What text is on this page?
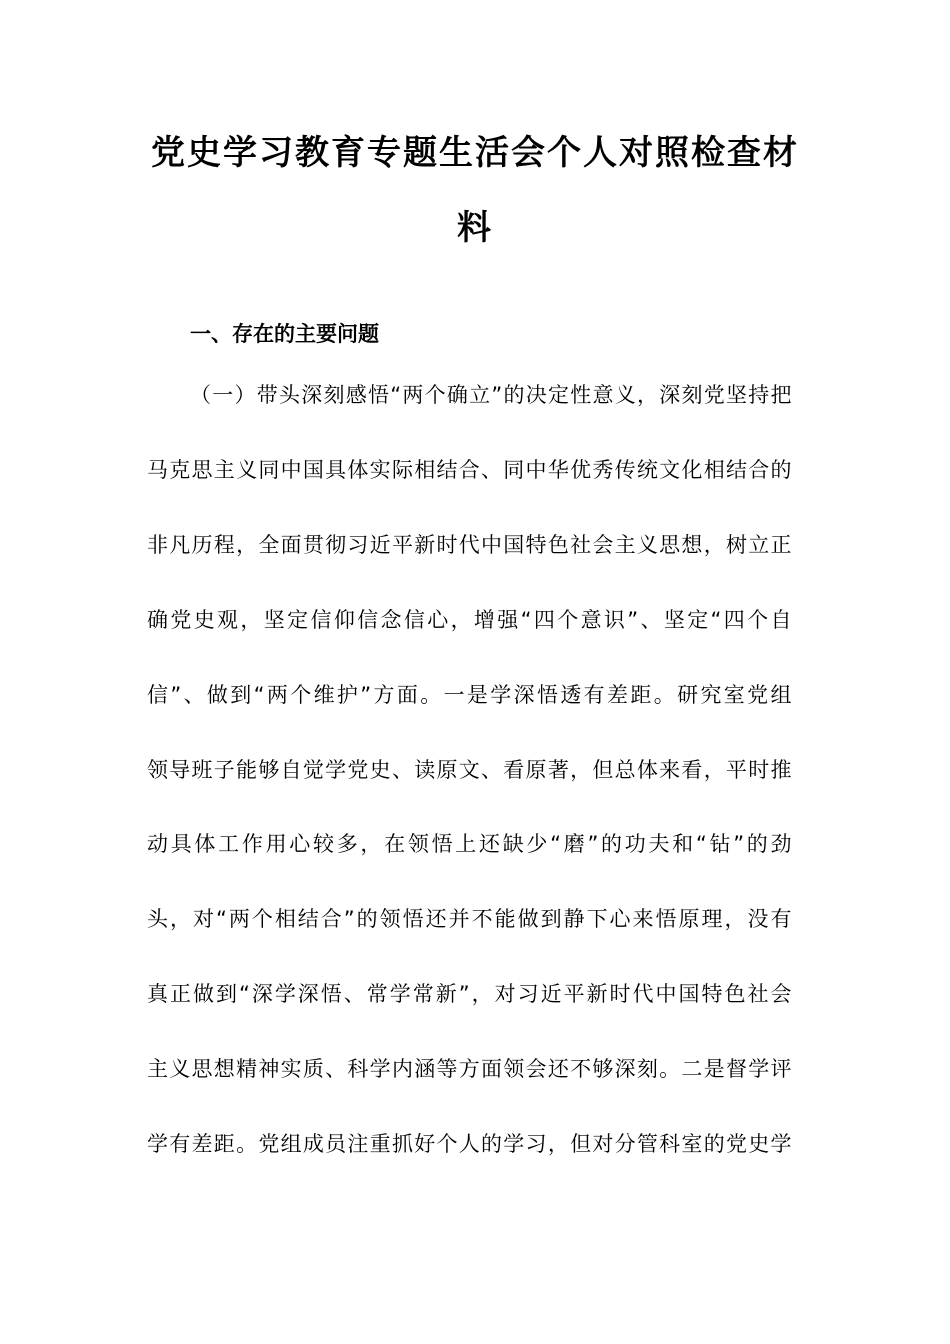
党史学习教育专题生活会个人对照检查材
料
一、存在的主要问题
（一）带头深刻感悟“两个确立”的决定性意义，深刻党坚持把
马克思主义同中国具体实际相结合、同中华优秀传统文化相结合的
非凡历程，全面贯彻习近平新时代中国特色社会主义思想，树立正
确党史观，坚定信仰信念信心，增强“四个意识”、坚定“四个自
信”、做到“两个维护”方面。一是学深悟透有差距。研究室党组
领导班子能够自觉学党史、读原文、看原著，但总体来看，平时推
动具体工作用心较多，在领悟上还缺少“磨”的功夫和“钻”的劲
头，对“两个相结合”的领悟还并不能做到静下心来悟原理，没有
真正做到“深学深悟、常学常新”，对习近平新时代中国特色社会
主义思想精神实质、科学内涵等方面领会还不够深刻。二是督学评
学有差距。党组成员注重抓好个人的学习，但对分管科室的党史学
